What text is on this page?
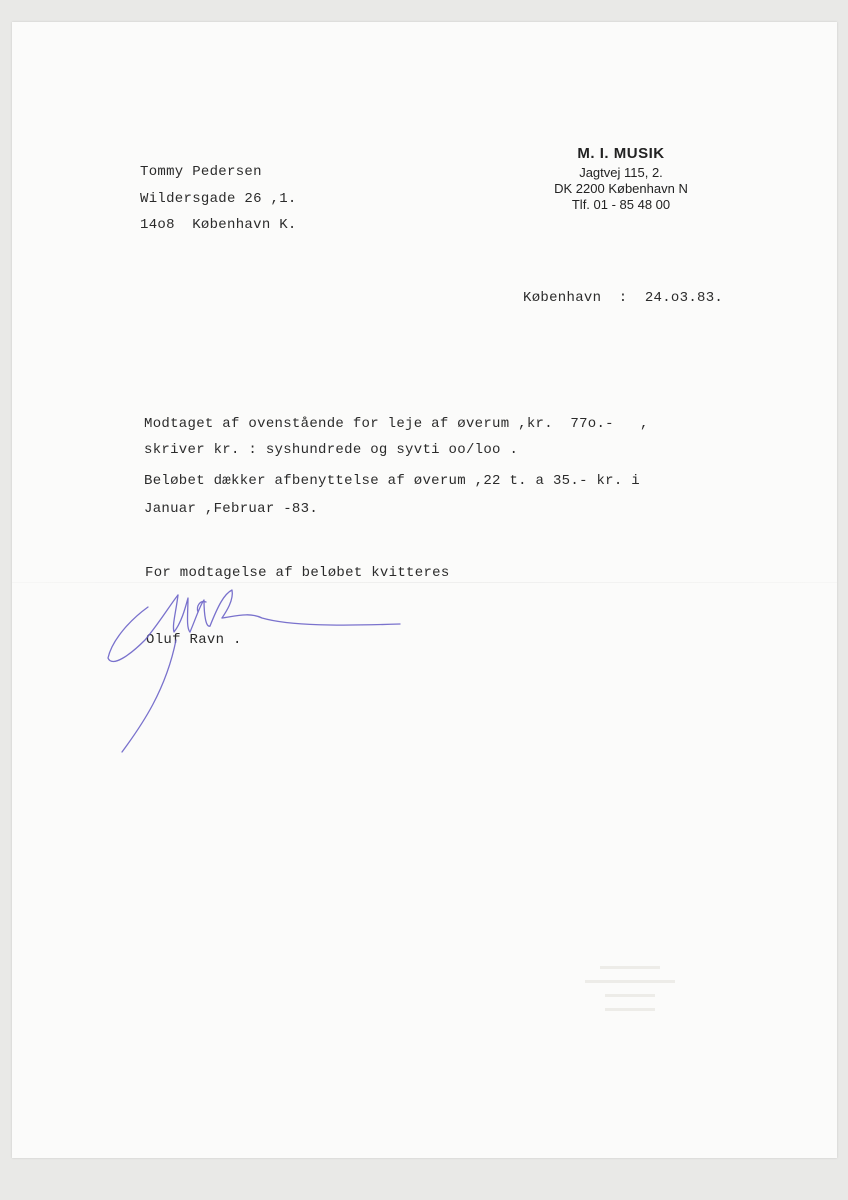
Tommy Pedersen
Wildersgade 26 ,1.
14o8  København K.
M. I. MUSIK
Jagtvej 115, 2.
DK 2200 København N
Tlf. 01 - 85 48 00
København  :  24.o3.83.
Modtaget af ovenstående for leje af øverum ,kr.  77o.-   ,
skriver kr. : syshundrede og syvti oo/loo .
Beløbet dækker afbenyttelse af øverum ,22 t. a 35.- kr. i
Januar ,Februar -83.
For modtagelse af beløbet kvitteres
Oluf Ravn .
▬▬▬▬▬▬
▬▬▬▬▬▬▬▬▬
▬▬▬▬▬
▬▬▬▬▬
